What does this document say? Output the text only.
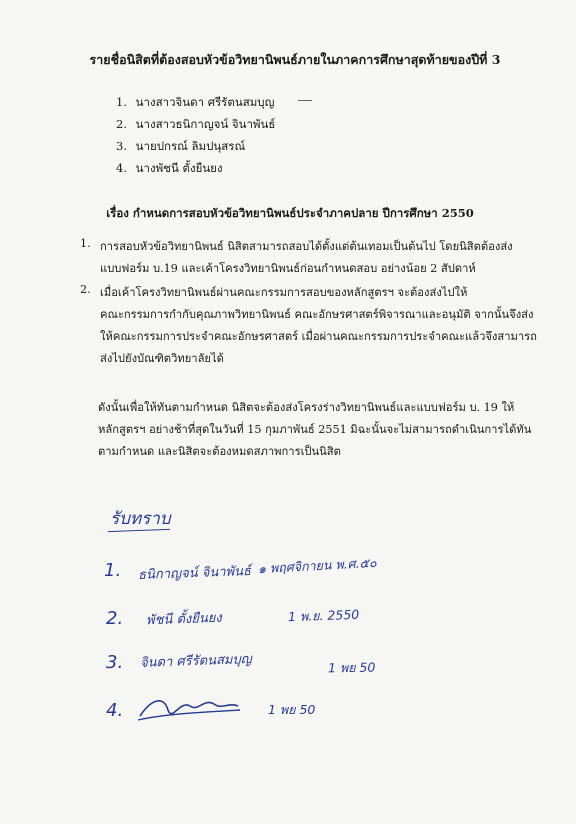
รายชื่อนิสิตที่ต้องสอบหัวข้อวิทยานิพนธ์ภายในภาคการศึกษาสุดท้ายของปีที่ 3
1. นางสาวจินดา ศรีรัตนสมบุญ
2. นางสาวธนิกาญจน์ จินาพันธ์
3. นายปกรณ์ ลิมปนุสรณ์
4. นางพัชนี ตั้งยืนยง
เรื่อง กำหนดการสอบหัวข้อวิทยานิพนธ์ประจำภาคปลาย ปีการศึกษา 2550
1. การสอบหัวข้อวิทยานิพนธ์ นิสิตสามารถสอบได้ตั้งแต่ต้นเทอมเป็นต้นไป โดยนิสิตต้องส่ง
แบบฟอร์ม บ.19 และเค้าโครงวิทยานิพนธ์ก่อนกำหนดสอบ อย่างน้อย 2 สัปดาห์
2. เมื่อเค้าโครงวิทยานิพนธ์ผ่านคณะกรรมการสอบของหลักสูตรฯ จะต้องส่งไปให้
คณะกรรมการกำกับคุณภาพวิทยานิพนธ์ คณะอักษรศาสตร์พิจารณาและอนุมัติ จากนั้นจึงส่ง
ให้คณะกรรมการประจำคณะอักษรศาสตร์ เมื่อผ่านคณะกรรมการประจำคณะแล้วจึงสามารถ
ส่งไปยังบัณฑิตวิทยาลัยได้
ดังนั้นเพื่อให้ทันตามกำหนด นิสิตจะต้องส่งโครงร่างวิทยานิพนธ์และแบบฟอร์ม บ. 19 ให้
หลักสูตรฯ อย่างช้าที่สุดในวันที่ 15 กุมภาพันธ์ 2551 มิฉะนั้นจะไม่สามารถดำเนินการได้ทัน
ตามกำหนด และนิสิตจะต้องหมดสภาพการเป็นนิสิต
รับทราบ
1. ธนิกาญจน์ จินาพันธ์ ๑ พฤศจิกายน พ.ศ.๕๐
2. พัชนี ตั้งยืนยง	1 พ.ย. 2550
3. จินดา ศรีรัตนสมบุญ	1 พย 50
4.	1 พย 50
